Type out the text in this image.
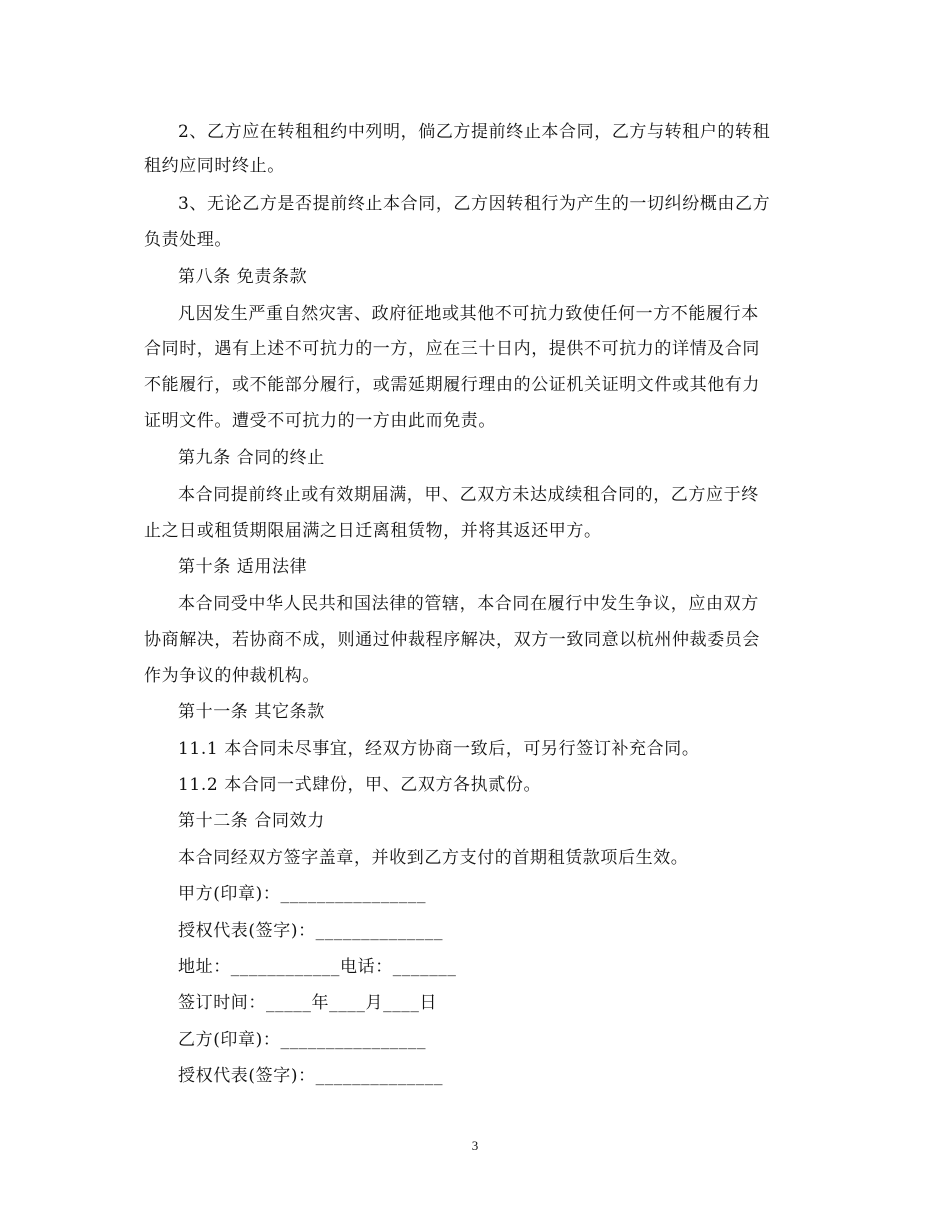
2、乙方应在转租租约中列明，倘乙方提前终止本合同，乙方与转租户的转租
租约应同时终止。
3、无论乙方是否提前终止本合同，乙方因转租行为产生的一切纠纷概由乙方
负责处理。
第八条 免责条款
凡因发生严重自然灾害、政府征地或其他不可抗力致使任何一方不能履行本
合同时，遇有上述不可抗力的一方，应在三十日内，提供不可抗力的详情及合同
不能履行，或不能部分履行，或需延期履行理由的公证机关证明文件或其他有力
证明文件。遭受不可抗力的一方由此而免责。
第九条 合同的终止
本合同提前终止或有效期届满，甲、乙双方未达成续租合同的，乙方应于终
止之日或租赁期限届满之日迁离租赁物，并将其返还甲方。
第十条 适用法律
本合同受中华人民共和国法律的管辖，本合同在履行中发生争议，应由双方
协商解决，若协商不成，则通过仲裁程序解决，双方一致同意以杭州仲裁委员会
作为争议的仲裁机构。
第十一条 其它条款
11.1 本合同未尽事宜，经双方协商一致后，可另行签订补充合同。
11.2 本合同一式肆份，甲、乙双方各执贰份。
第十二条 合同效力
本合同经双方签字盖章，并收到乙方支付的首期租赁款项后生效。
甲方(印章)：________________
授权代表(签字)：______________
地址：____________电话：_______
签订时间：_____年____月____日
乙方(印章)：________________
授权代表(签字)：______________
3
